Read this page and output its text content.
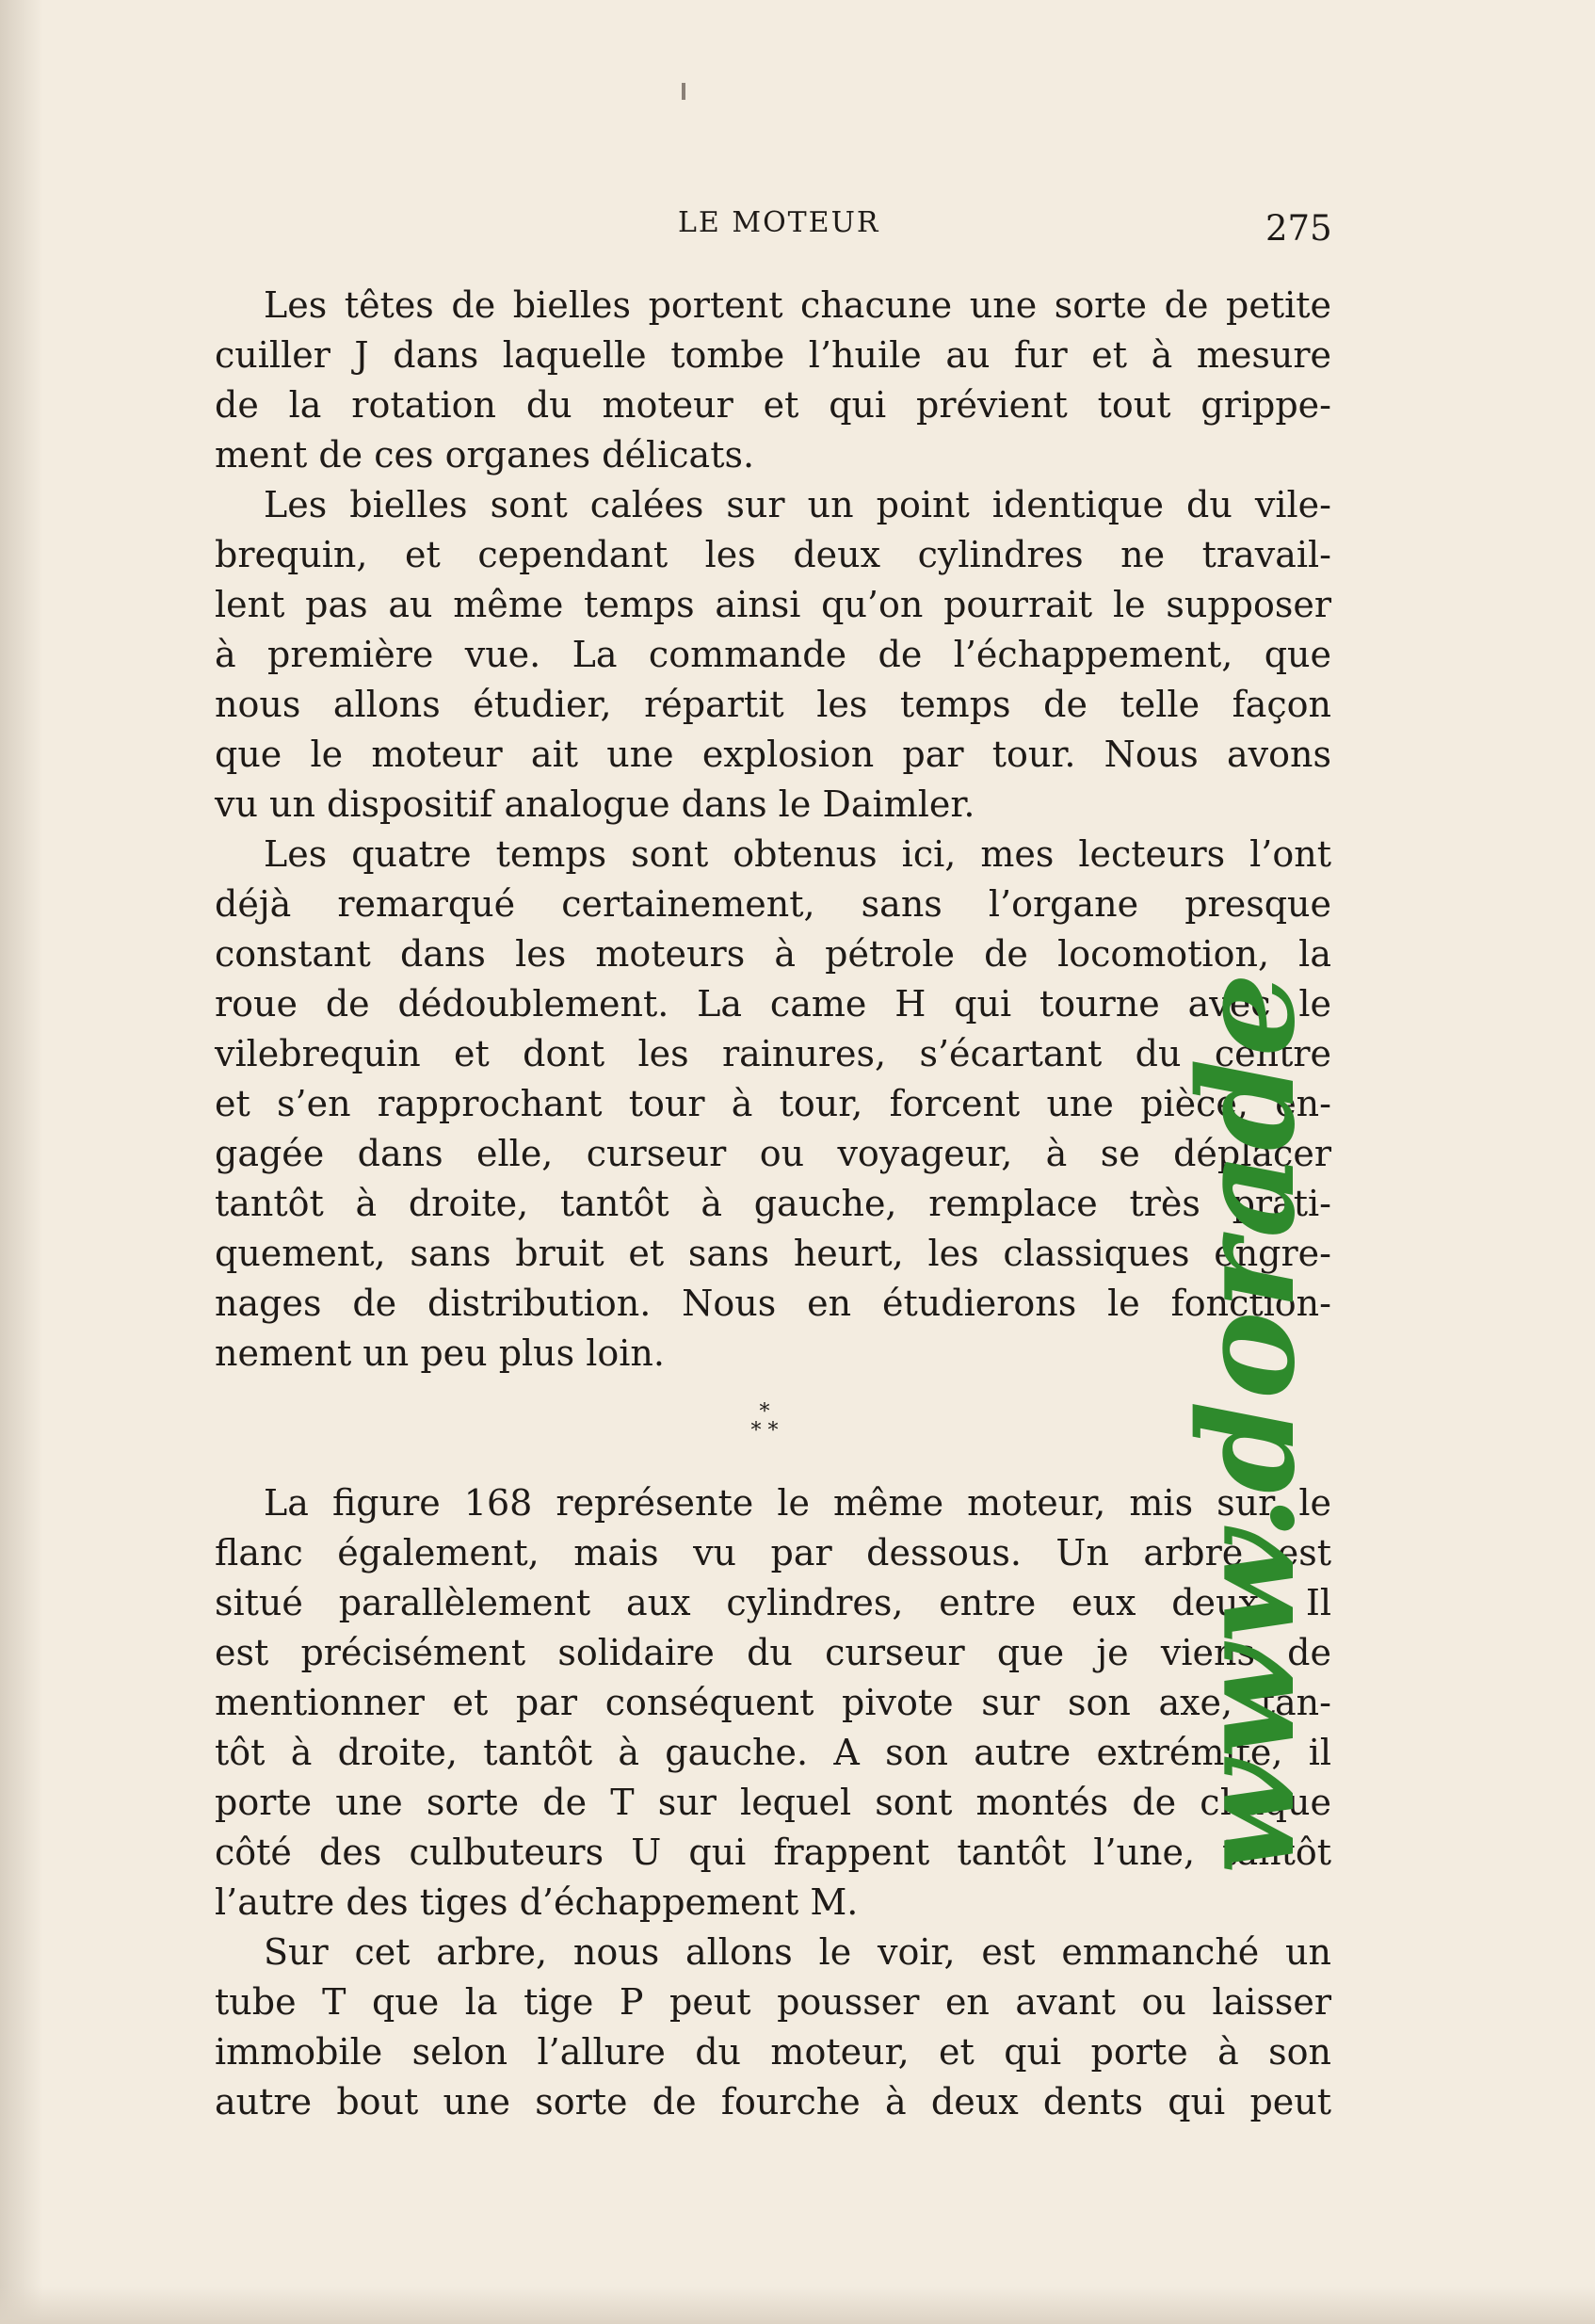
LE MOTEUR	275
Les têtes de bielles portent chacune une sorte de petite
cuiller J dans laquelle tombe l’huile au fur et à mesure
de la rotation du moteur et qui prévient tout grippe-
ment de ces organes délicats.
Les bielles sont calées sur un point identique du vile-
brequin, et cependant les deux cylindres ne travail-
lent pas au même temps ainsi qu’on pourrait le supposer
à première vue. La commande de l’échappement, que
nous allons étudier, répartit les temps de telle façon
que le moteur ait une explosion par tour. Nous avons
vu un dispositif analogue dans le Daimler.
Les quatre temps sont obtenus ici, mes lecteurs l’ont
déjà remarqué certainement, sans l’organe presque
constant dans les moteurs à pétrole de locomotion, la
roue de dédoublement. La came H qui tourne avec le
vilebrequin et dont les rainures, s’écartant du centre
et s’en rapprochant tour à tour, forcent une pièce, en-
gagée dans elle, curseur ou voyageur, à se déplacer
tantôt à droite, tantôt à gauche, remplace très prati-
quement, sans bruit et sans heurt, les classiques engre-
nages de distribution. Nous en étudierons le fonction-
nement un peu plus loin.
*
* *
La figure 168 représente le même moteur, mis sur le
flanc également, mais vu par dessous. Un arbre est
situé parallèlement aux cylindres, entre eux deux. Il
est précisément solidaire du curseur que je viens de
mentionner et par conséquent pivote sur son axe, tan-
tôt à droite, tantôt à gauche. A son autre extrémité, il
porte une sorte de T sur lequel sont montés de chaque
côté des culbuteurs U qui frappent tantôt l’une, tantôt
l’autre des tiges d’échappement M.
Sur cet arbre, nous allons le voir, est emmanché un
tube T que la tige P peut pousser en avant ou laisser
immobile selon l’allure du moteur, et qui porte à son
autre bout une sorte de fourche à deux dents qui peut
www.dorade
